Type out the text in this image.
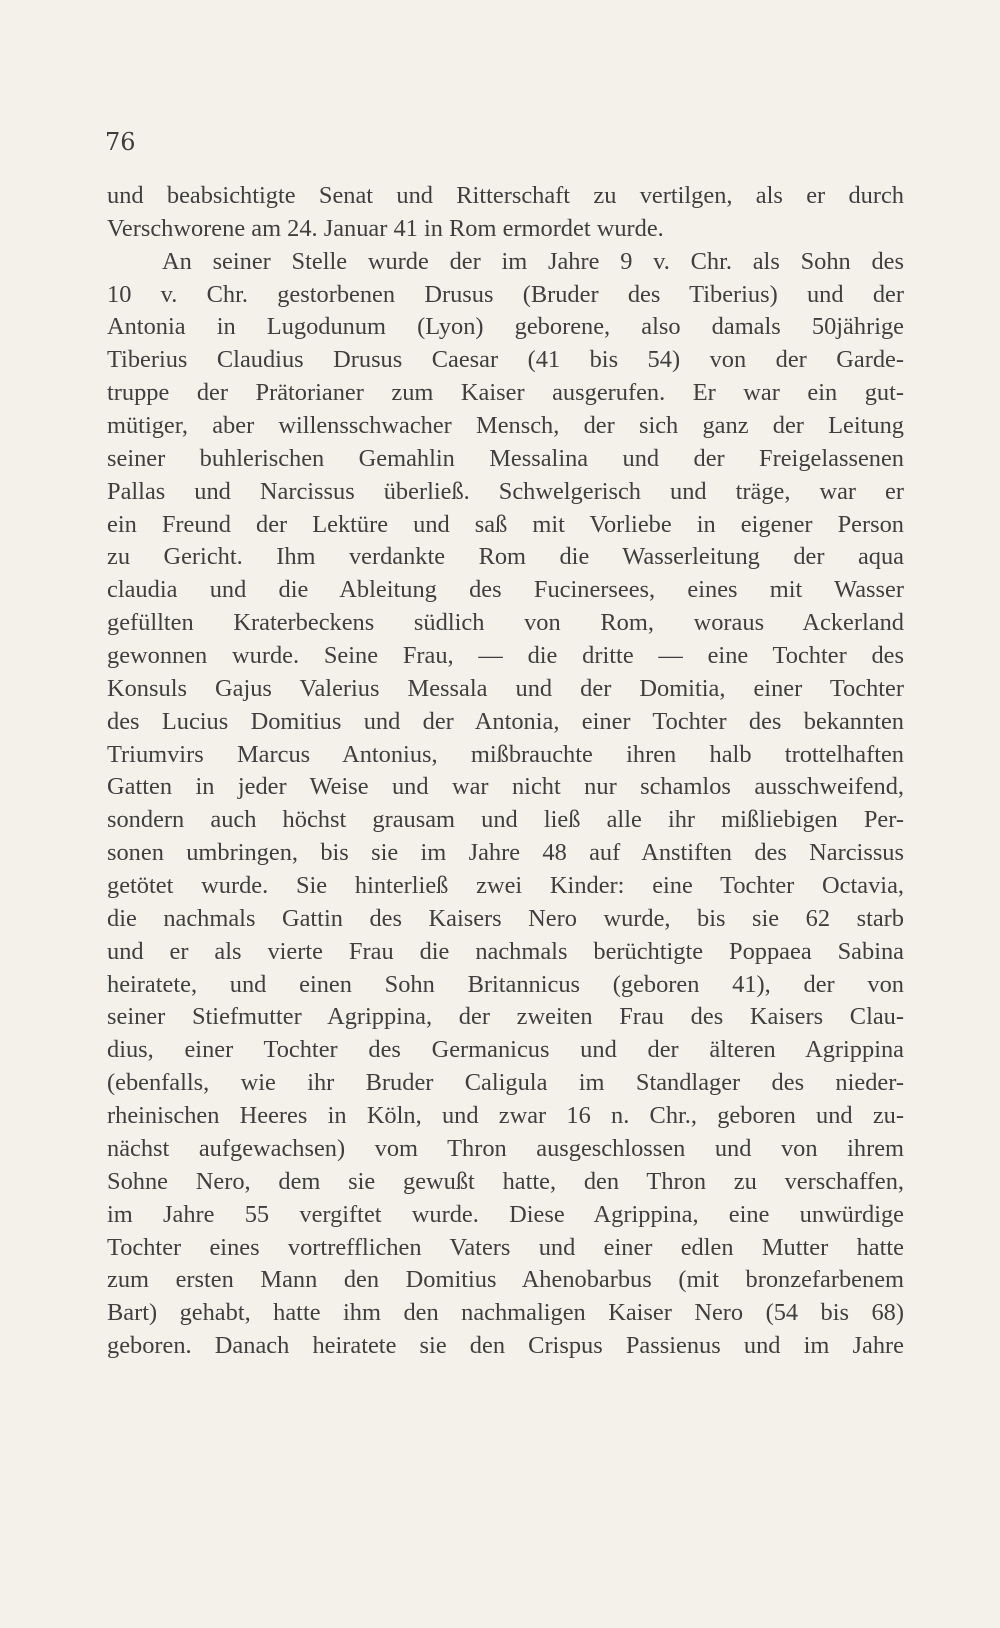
76
und beabsichtigte Senat und Ritterschaft zu vertilgen, als er durch
Verschworene am 24. Januar 41 in Rom ermordet wurde.
An seiner Stelle wurde der im Jahre 9 v. Chr. als Sohn des
10 v. Chr. gestorbenen Drusus (Bruder des Tiberius) und der
Antonia in Lugodunum (Lyon) geborene, also damals 50jährige
Tiberius Claudius Drusus Caesar (41 bis 54) von der Garde-
truppe der Prätorianer zum Kaiser ausgerufen. Er war ein gut-
mütiger, aber willensschwacher Mensch, der sich ganz der Leitung
seiner buhlerischen Gemahlin Messalina und der Freigelassenen
Pallas und Narcissus überließ. Schwelgerisch und träge, war er
ein Freund der Lektüre und saß mit Vorliebe in eigener Person
zu Gericht. Ihm verdankte Rom die Wasserleitung der aqua
claudia und die Ableitung des Fucinersees, eines mit Wasser
gefüllten Kraterbeckens südlich von Rom, woraus Ackerland
gewonnen wurde. Seine Frau, — die dritte — eine Tochter des
Konsuls Gajus Valerius Messala und der Domitia, einer Tochter
des Lucius Domitius und der Antonia, einer Tochter des bekannten
Triumvirs Marcus Antonius, mißbrauchte ihren halb trottelhaften
Gatten in jeder Weise und war nicht nur schamlos ausschweifend,
sondern auch höchst grausam und ließ alle ihr mißliebigen Per-
sonen umbringen, bis sie im Jahre 48 auf Anstiften des Narcissus
getötet wurde. Sie hinterließ zwei Kinder: eine Tochter Octavia,
die nachmals Gattin des Kaisers Nero wurde, bis sie 62 starb
und er als vierte Frau die nachmals berüchtigte Poppaea Sabina
heiratete, und einen Sohn Britannicus (geboren 41), der von
seiner Stiefmutter Agrippina, der zweiten Frau des Kaisers Clau-
dius, einer Tochter des Germanicus und der älteren Agrippina
(ebenfalls, wie ihr Bruder Caligula im Standlager des nieder-
rheinischen Heeres in Köln, und zwar 16 n. Chr., geboren und zu-
nächst aufgewachsen) vom Thron ausgeschlossen und von ihrem
Sohne Nero, dem sie gewußt hatte, den Thron zu verschaffen,
im Jahre 55 vergiftet wurde. Diese Agrippina, eine unwürdige
Tochter eines vortrefflichen Vaters und einer edlen Mutter hatte
zum ersten Mann den Domitius Ahenobarbus (mit bronzefarbenem
Bart) gehabt, hatte ihm den nachmaligen Kaiser Nero (54 bis 68)
geboren. Danach heiratete sie den Crispus Passienus und im Jahre
